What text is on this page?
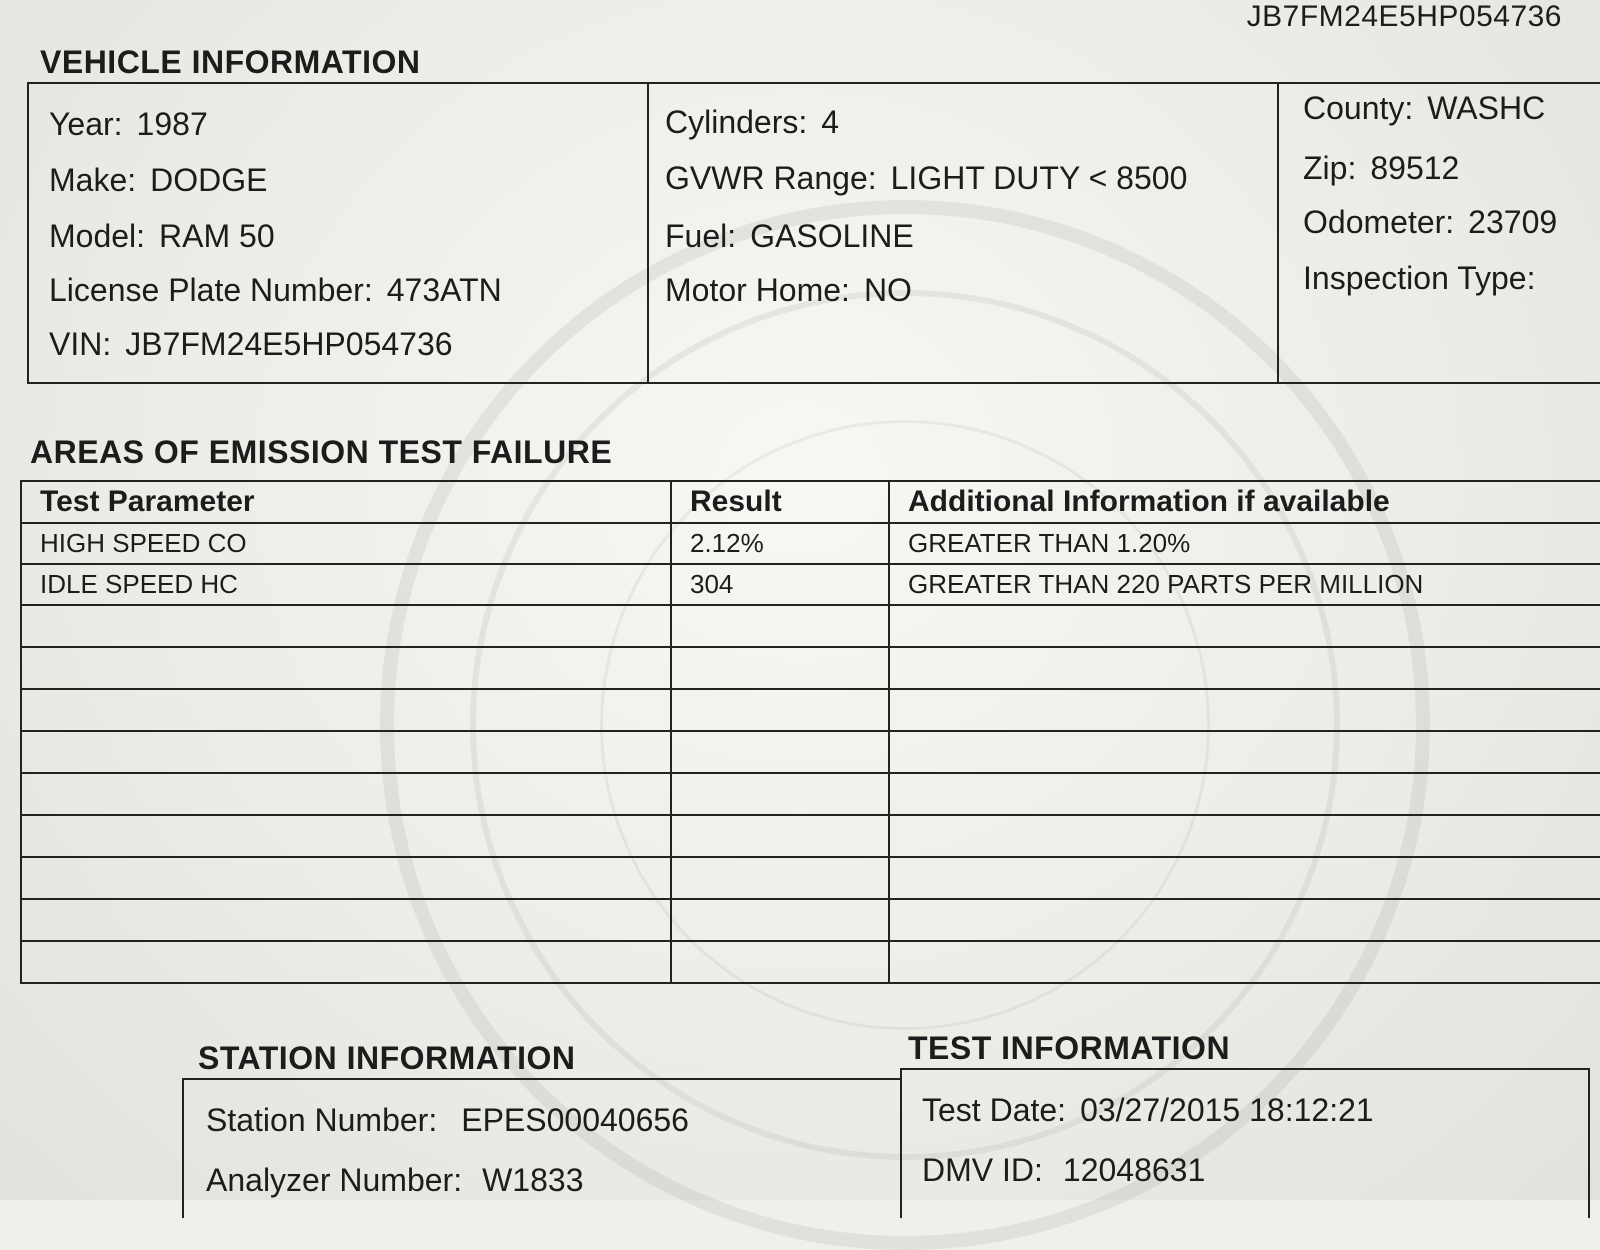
JB7FM24E5HP054736
VEHICLE INFORMATION
Year: 1987
Make: DODGE
Model: RAM 50
License Plate Number: 473ATN
VIN: JB7FM24E5HP054736
Cylinders: 4
GVWR Range: LIGHT DUTY < 8500
Fuel: GASOLINE
Motor Home: NO
County: WASHC
Zip: 89512
Odometer: 23709
Inspection Type:
AREAS OF EMISSION TEST FAILURE
Test Parameter	Result	Additional Information if available
HIGH SPEED CO	2.12%	GREATER THAN 1.20%
IDLE SPEED HC	304	GREATER THAN 220 PARTS PER MILLION

STATION INFORMATION
Station Number: EPES00040656
Analyzer Number: W1833
TEST INFORMATION
Test Date: 03/27/2015 18:12:21
DMV ID: 12048631
